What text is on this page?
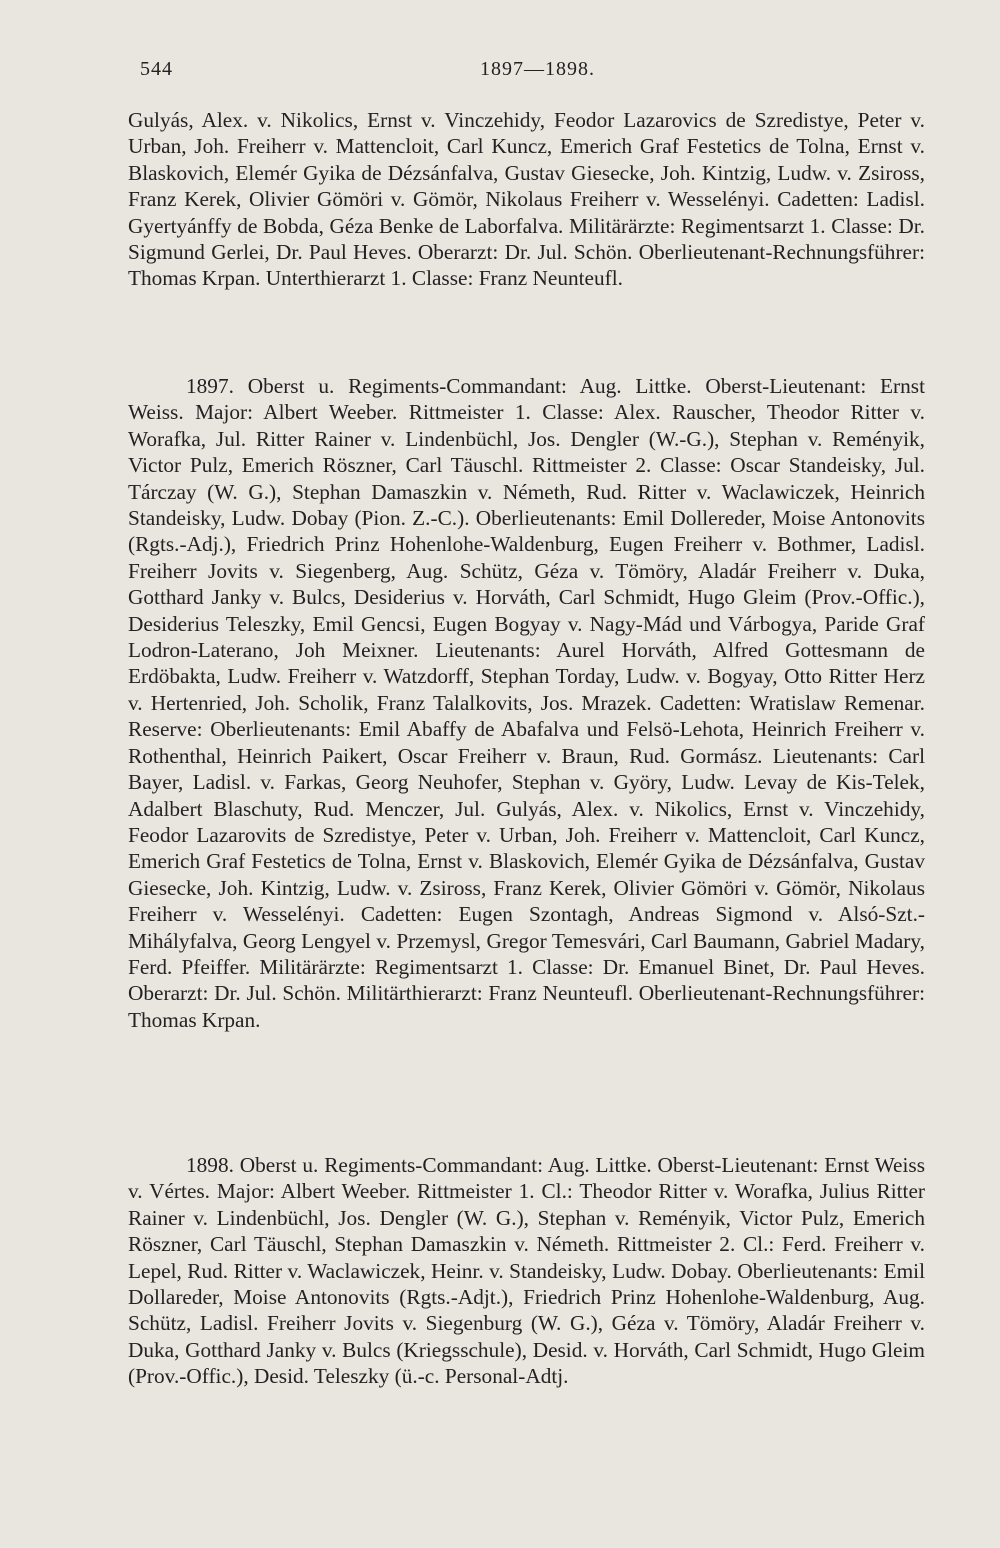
544	1897—1898.

Gulyás, Alex. v. Nikolics, Ernst v. Vinczehidy, Feodor Lazarovics de Szredistye, Peter v. Urban, Joh. Freiherr v. Mattencloit, Carl Kuncz, Emerich Graf Festetics de Tolna, Ernst v. Blaskovich, Elemér Gyika de Dézsánfalva, Gustav Giesecke, Joh. Kintzig, Ludw. v. Zsiross, Franz Kerek, Olivier Gömöri v. Gömör, Nikolaus Freiherr v. Wesselényi. Cadetten: Ladisl. Gyertyánffy de Bobda, Géza Benke de Laborfalva. Militärärzte: Regimentsarzt 1. Classe: Dr. Sigmund Gerlei, Dr. Paul Heves. Oberarzt: Dr. Jul. Schön. Oberlieutenant-Rechnungsführer: Thomas Krpan. Unterthierarzt 1. Classe: Franz Neunteufl.

1897. Oberst u. Regiments-Commandant: Aug. Littke. Oberst-Lieutenant: Ernst Weiss. Major: Albert Weeber. Rittmeister 1. Classe: Alex. Rauscher, Theodor Ritter v. Worafka, Jul. Ritter Rainer v. Lindenbüchl, Jos. Dengler (W.-G.), Stephan v. Reményik, Victor Pulz, Emerich Röszner, Carl Täuschl. Rittmeister 2. Classe: Oscar Standeisky, Jul. Tárczay (W. G.), Stephan Damaszkin v. Németh, Rud. Ritter v. Waclawiczek, Heinrich Standeisky, Ludw. Dobay (Pion. Z.-C.). Oberlieutenants: Emil Dollereder, Moise Antonovits (Rgts.-Adj.), Friedrich Prinz Hohenlohe-Waldenburg, Eugen Freiherr v. Bothmer, Ladisl. Freiherr Jovits v. Siegenberg, Aug. Schütz, Géza v. Tömöry, Aladár Freiherr v. Duka, Gotthard Janky v. Bulcs, Desiderius v. Horváth, Carl Schmidt, Hugo Gleim (Prov.-Offic.), Desiderius Teleszky, Emil Gencsi, Eugen Bogyay v. Nagy-Mád und Várbogya, Paride Graf Lodron-Laterano, Joh Meixner. Lieutenants: Aurel Horváth, Alfred Gottesmann de Erdöbakta, Ludw. Freiherr v. Watzdorff, Stephan Torday, Ludw. v. Bogyay, Otto Ritter Herz v. Hertenried, Joh. Scholik, Franz Talalkovits, Jos. Mrazek. Cadetten: Wratislaw Remenar. Reserve: Oberlieutenants: Emil Abaffy de Abafalva und Felsö-Lehota, Heinrich Freiherr v. Rothenthal, Heinrich Paikert, Oscar Freiherr v. Braun, Rud. Gormász. Lieutenants: Carl Bayer, Ladisl. v. Farkas, Georg Neuhofer, Stephan v. Györy, Ludw. Levay de Kis-Telek, Adalbert Blaschuty, Rud. Menczer, Jul. Gulyás, Alex. v. Nikolics, Ernst v. Vinczehidy, Feodor Lazarovits de Szredistye, Peter v. Urban, Joh. Freiherr v. Mattencloit, Carl Kuncz, Emerich Graf Festetics de Tolna, Ernst v. Blaskovich, Elemér Gyika de Dézsánfalva, Gustav Giesecke, Joh. Kintzig, Ludw. v. Zsiross, Franz Kerek, Olivier Gömöri v. Gömör, Nikolaus Freiherr v. Wesselényi. Cadetten: Eugen Szontagh, Andreas Sigmond v. Alsó-Szt.-Mihályfalva, Georg Lengyel v. Przemysl, Gregor Temesvári, Carl Baumann, Gabriel Madary, Ferd. Pfeiffer. Militärärzte: Regimentsarzt 1. Classe: Dr. Emanuel Binet, Dr. Paul Heves. Oberarzt: Dr. Jul. Schön. Militärthierarzt: Franz Neunteufl. Oberlieutenant-Rechnungsführer: Thomas Krpan.

1898. Oberst u. Regiments-Commandant: Aug. Littke. Oberst-Lieutenant: Ernst Weiss v. Vértes. Major: Albert Weeber. Rittmeister 1. Cl.: Theodor Ritter v. Worafka, Julius Ritter Rainer v. Lindenbüchl, Jos. Dengler (W. G.), Stephan v. Reményik, Victor Pulz, Emerich Röszner, Carl Täuschl, Stephan Damaszkin v. Németh. Rittmeister 2. Cl.: Ferd. Freiherr v. Lepel, Rud. Ritter v. Waclawiczek, Heinr. v. Standeisky, Ludw. Dobay. Oberlieutenants: Emil Dollareder, Moise Antonovits (Rgts.-Adjt.), Friedrich Prinz Hohenlohe-Waldenburg, Aug. Schütz, Ladisl. Freiherr Jovits v. Siegenburg (W. G.), Géza v. Tömöry, Aladár Freiherr v. Duka, Gotthard Janky v. Bulcs (Kriegsschule), Desid. v. Horváth, Carl Schmidt, Hugo Gleim (Prov.-Offic.), Desid. Teleszky (ü.-c. Personal-Adtj.
